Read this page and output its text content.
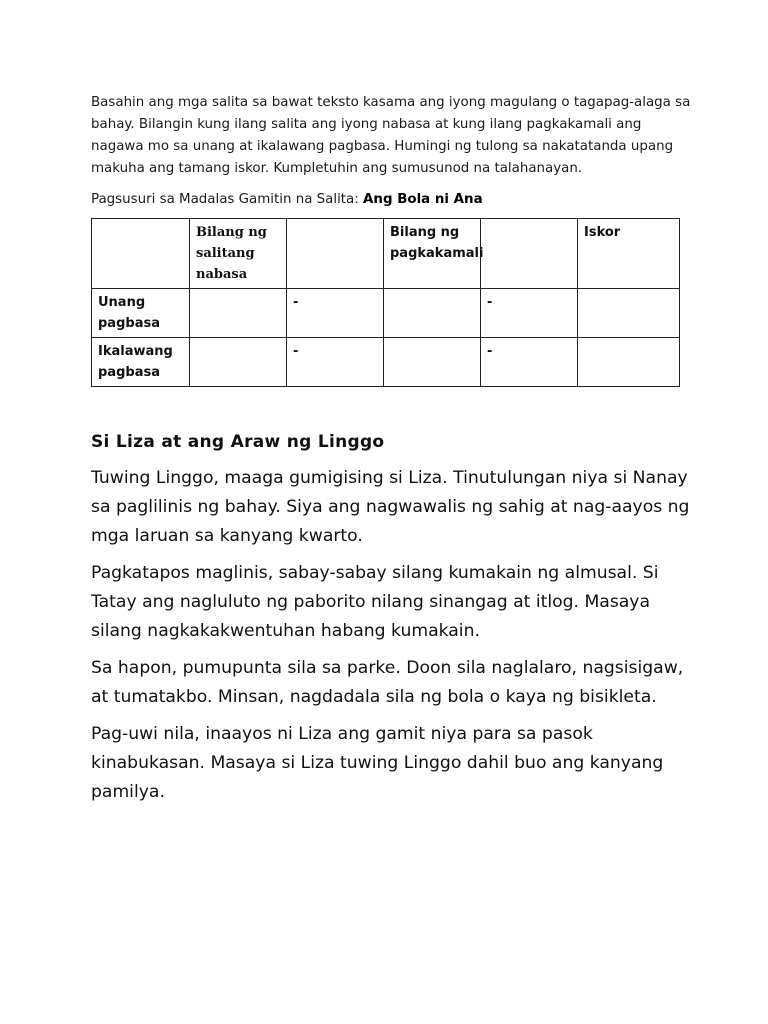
Basahin ang mga salita sa bawat teksto kasama ang iyong magulang o tagapag-alaga sa bahay. Bilangin kung ilang salita ang iyong nabasa at kung ilang pagkakamali ang nagawa mo sa unang at ikalawang pagbasa. Humingi ng tulong sa nakatatanda upang makuha ang tamang iskor. Kumpletuhin ang sumusunod na talahanayan.

Pagsusuri sa Madalas Gamitin na Salita: Ang Bola ni Ana

	Bilang ng salitang nabasa		Bilang ng pagkakamali		Iskor
Unang pagbasa		-		-	
Ikalawang pagbasa		-		-	
Si Liza at ang Araw ng Linggo

Tuwing Linggo, maaga gumigising si Liza. Tinutulungan niya si Nanay sa paglilinis ng bahay. Siya ang nagwawalis ng sahig at nag-aayos ng mga laruan sa kanyang kwarto.

Pagkatapos maglinis, sabay-sabay silang kumakain ng almusal. Si Tatay ang nagluluto ng paborito nilang sinangag at itlog. Masaya silang nagkakakwentuhan habang kumakain.

Sa hapon, pumupunta sila sa parke. Doon sila naglalaro, nagsisigaw, at tumatakbo. Minsan, nagdadala sila ng bola o kaya ng bisikleta.

Pag-uwi nila, inaayos ni Liza ang gamit niya para sa pasok kinabukasan. Masaya si Liza tuwing Linggo dahil buo ang kanyang pamilya.
